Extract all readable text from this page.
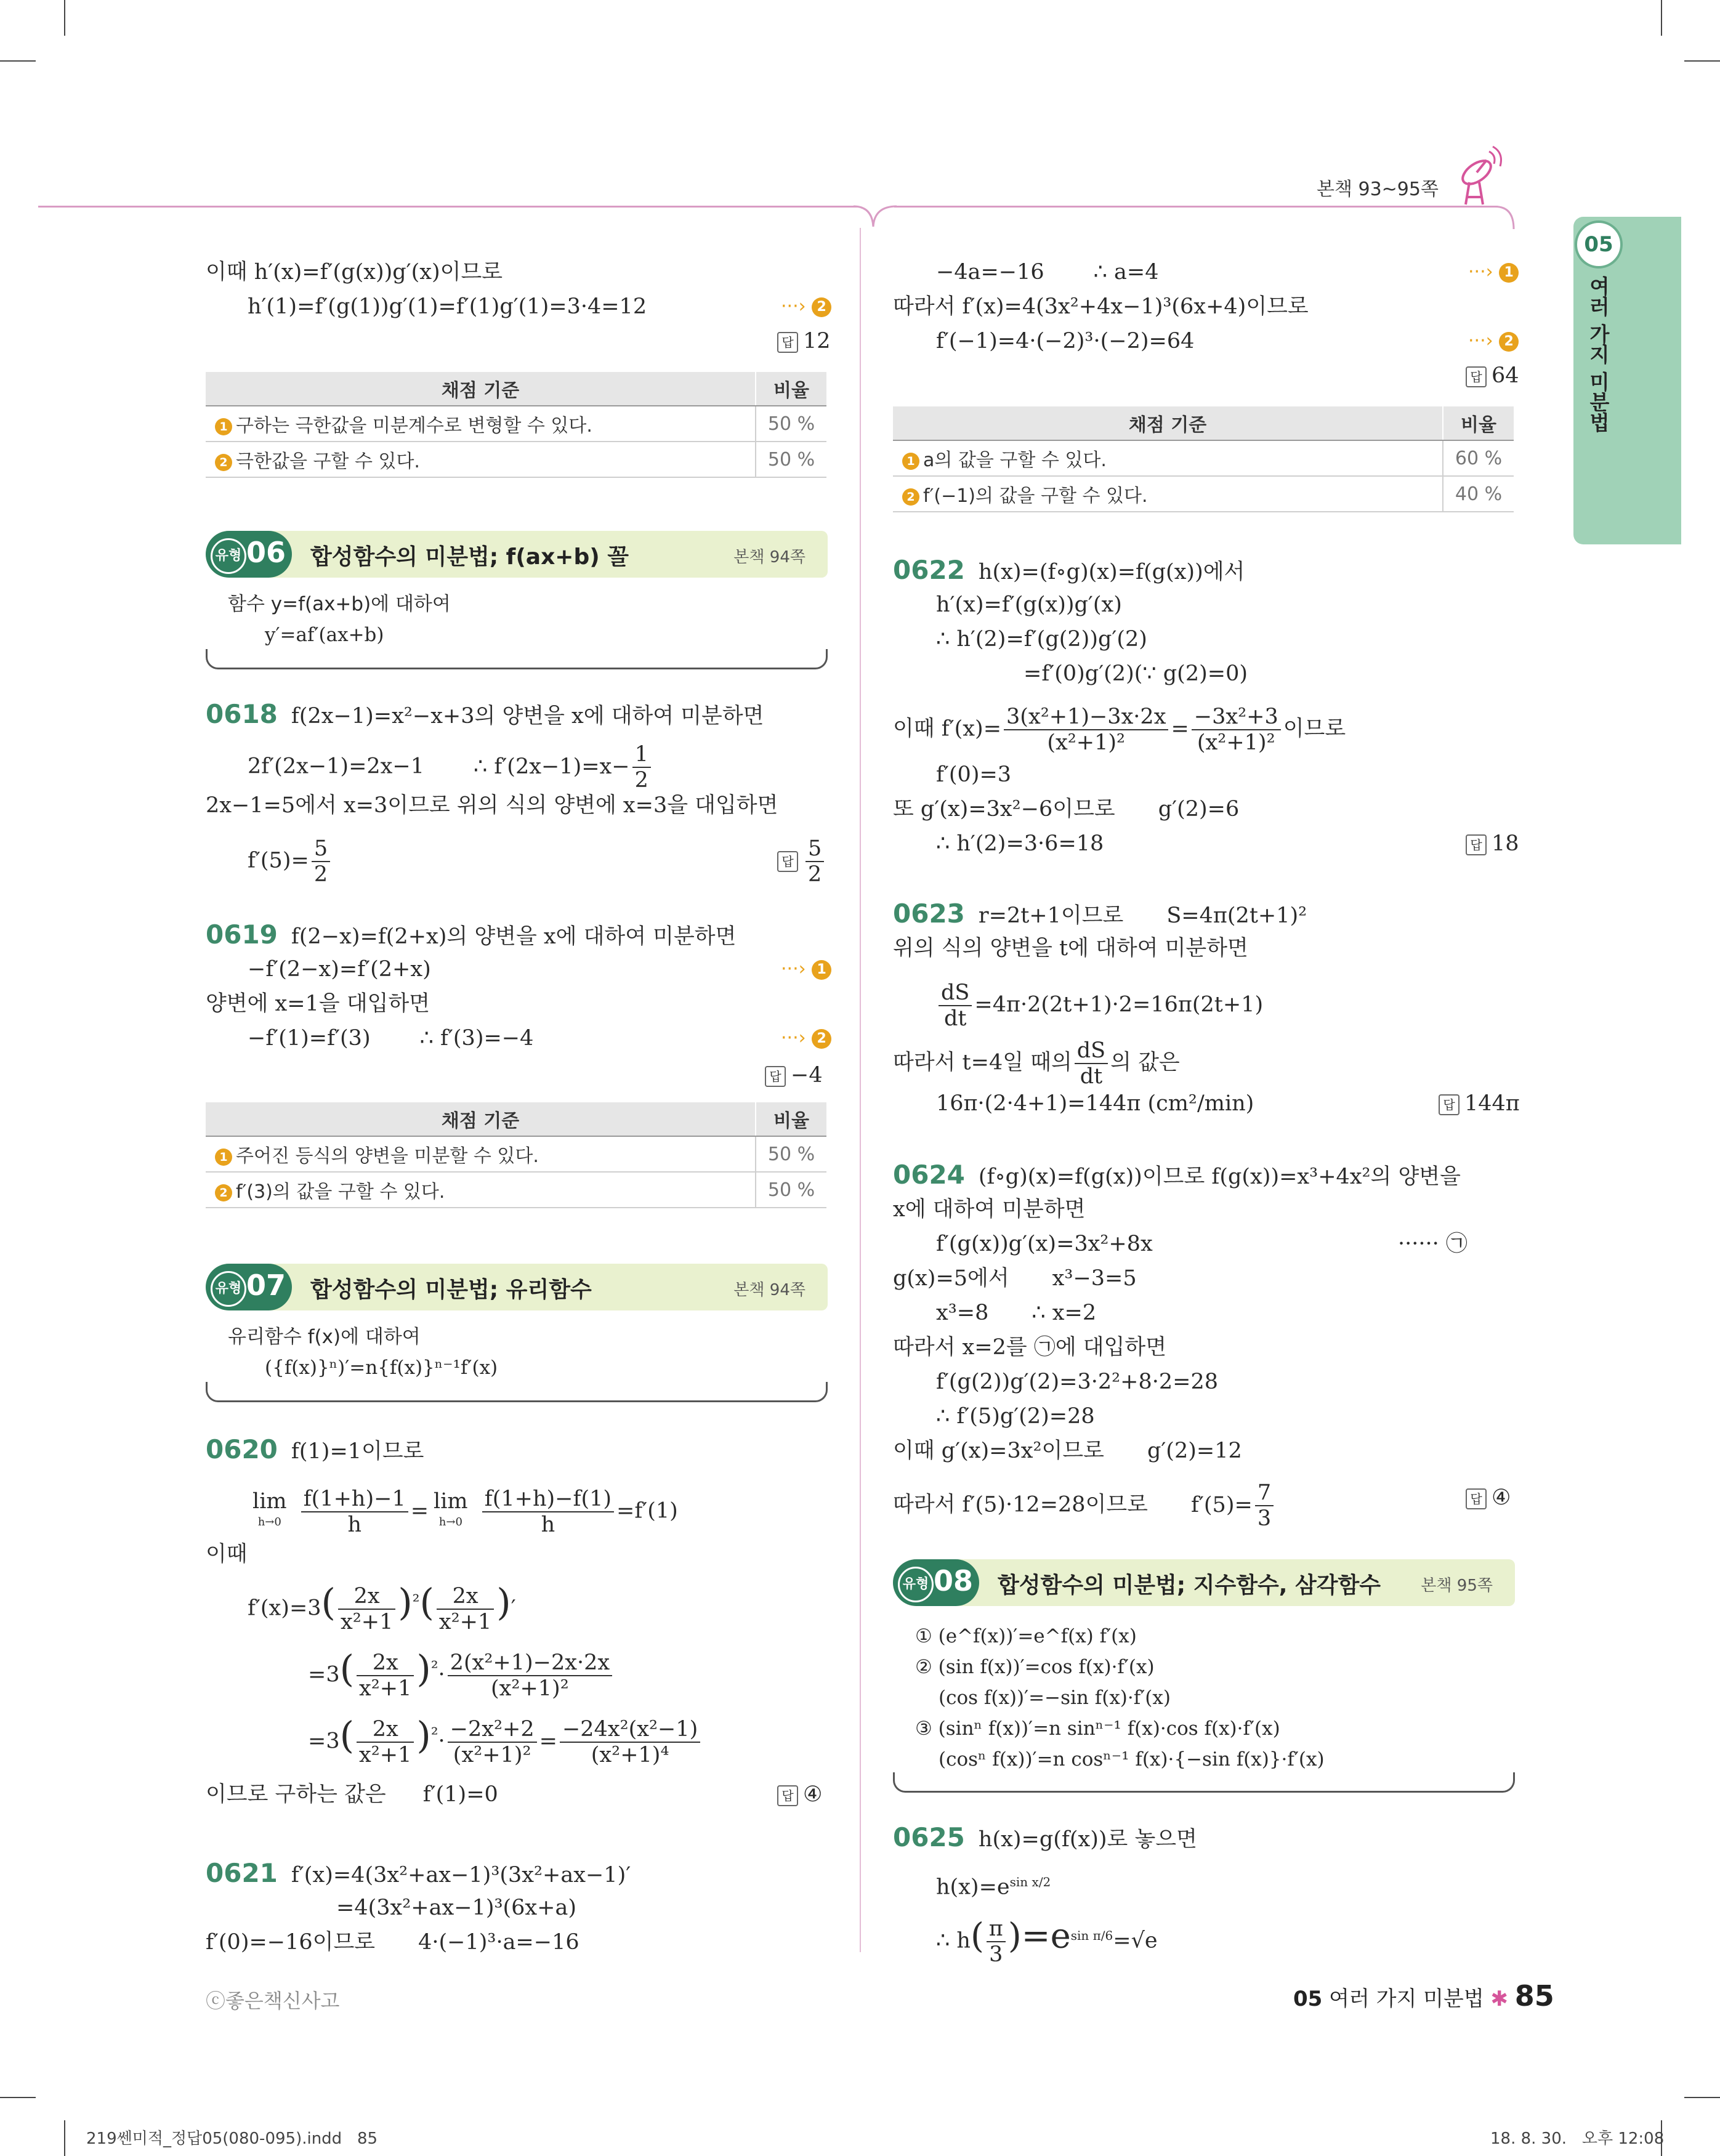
본책 93~95쪽
05
여러 가지 미분법
이때 h′(x)=f′(g(x))g′(x)이므로
h′(1)=f′(g(1))g′(1)=f′(1)g′(1)=3·4=12	···› 2
답 12
채점 기준	비율
1 구하는 극한값을 미분계수로 변형할 수 있다.	50 %
2 극한값을 구할 수 있다.	50 %
유형 06 합성함수의 미분법; f(ax+b) 꼴	본책 94쪽
함수 y=f(ax+b)에 대하여
y′=af′(ax+b)
0618 f(2x−1)=x²−x+3의 양변을 x에 대하여 미분하면
2f′(2x−1)=2x−1 ∴ $f'(2x-1)=x- \frac{1}{2}$
2x−1=5에서 x=3이므로 위의 식의 양변에 x=3을 대입하면
$f'(5)= \frac{5}{2}$	답 $\frac{5}{2}$
0619 f(2−x)=f(2+x)의 양변을 x에 대하여 미분하면
−f′(2−x)=f′(2+x)	···› 1
양변에 x=1을 대입하면
−f′(1)=f′(3) ∴ f′(3)=−4	···› 2
답 −4
채점 기준	비율
1 주어진 등식의 양변을 미분할 수 있다.	50 %
2 f′(3)의 값을 구할 수 있다.	50 %
유형 07 합성함수의 미분법; 유리함수	본책 94쪽
유리함수 f(x)에 대하여
({f(x)}ⁿ)′=n{f(x)}ⁿ⁻¹f′(x)
0620 f(1)=1이므로
lim
h→0
$\frac{f(1+h)-1}{h} = \lim$
h→0
$\frac{f(1+h)-f(1)}{h} =f'(1)$
이때
$f'(x)=3( \frac{2x}{\text{x²+1}} )^{^2}( \frac{2x}{\text{x²+1}}$ )′
$=3( \frac{2x}{\text{x²+1}} )^{^2}\cdot \frac{\text{2(x²+1)−2x·2x}}{\text{(x²+1)²}}$
$=3( \frac{2x}{\text{x²+1}} )^{^2}\cdot \frac{\text{−2x²+2}}{\text{(x²+1)²}} = \frac{\text{−24x²(x²−1)}}{\text{(x²+1)⁴}}$
이므로 구하는 값은 f′(1)=0	답 ④
0621 f′(x)=4(3x²+ax−1)³(3x²+ax−1)′
=4(3x²+ax−1)³(6x+a)
f′(0)=−16이므로 4·(−1)³·a=−16
−4a=−16 ∴ a=4	···› 1
따라서 f′(x)=4(3x²+4x−1)³(6x+4)이므로
f′(−1)=4·(−2)³·(−2)=64	···› 2
답 64
채점 기준	비율
1 a의 값을 구할 수 있다.	60 %
2 f′(−1)의 값을 구할 수 있다.	40 %
0622 h(x)=(f∘g)(x)=f(g(x))에서
h′(x)=f′(g(x))g′(x)
∴ h′(2)=f′(g(2))g′(2)
=f′(0)g′(2)(∵ g(2)=0)
이때 $f'(x)= \frac{\text{3(x²+1)−3x·2x}}{\text{(x²+1)²}} = \frac{\text{−3x²+3}}{\text{(x²+1)²}}$ 이므로
f′(0)=3
또 g′(x)=3x²−6이므로 g′(2)=6
∴ h′(2)=3·6=18	답 18
0623 r=2t+1이므로 S=4π(2t+1)²
위의 식의 양변을 t에 대하여 미분하면
$\frac{dS}{dt} =4\pi\cdot 2(2t+1)\cdot 2=16\pi(2t+1)$
따라서 t=4일 때의 $\frac{dS}{dt}$ 의 값은
16π·(2·4+1)=144π (cm²/min)	답 144π
0624 (f∘g)(x)=f(g(x))이므로 f(g(x))=x³+4x²의 양변을
x에 대하여 미분하면
f′(g(x))g′(x)=3x²+8x	······ ㉠
g(x)=5에서 x³−3=5
x³=8 ∴ x=2
따라서 x=2를 ㉠에 대입하면
f′(g(2))g′(2)=3·2²+8·2=28
∴ f′(5)g′(2)=28
이때 g′(x)=3x²이므로 g′(2)=12
따라서 f′(5)·12=28이므로 $f'(5)= \frac{7}{3}$	답 ④
유형 08 합성함수의 미분법; 지수함수, 삼각함수	본책 95쪽
① (e^f(x))′=e^f(x) f′(x)
② (sin f(x))′=cos f(x)·f′(x)
(cos f(x))′=−sin f(x)·f′(x)
③ (sinⁿ f(x))′=n sinⁿ⁻¹ f(x)·cos f(x)·f′(x)
(cosⁿ f(x))′=n cosⁿ⁻¹ f(x)·{−sin f(x)}·f′(x)
0625 h(x)=g(f(x))로 놓으면
$h(x)=e^{sin x/2}$
∴ $h( \frac{\pi}{3} )=e^{sin \pi/6}=√e$
ⓒ좋은책신사고	05 여러 가지 미분법 ✱ 85
219쎈미적_정답05(080-095).indd   85	18. 8. 30.   오후 12:08
